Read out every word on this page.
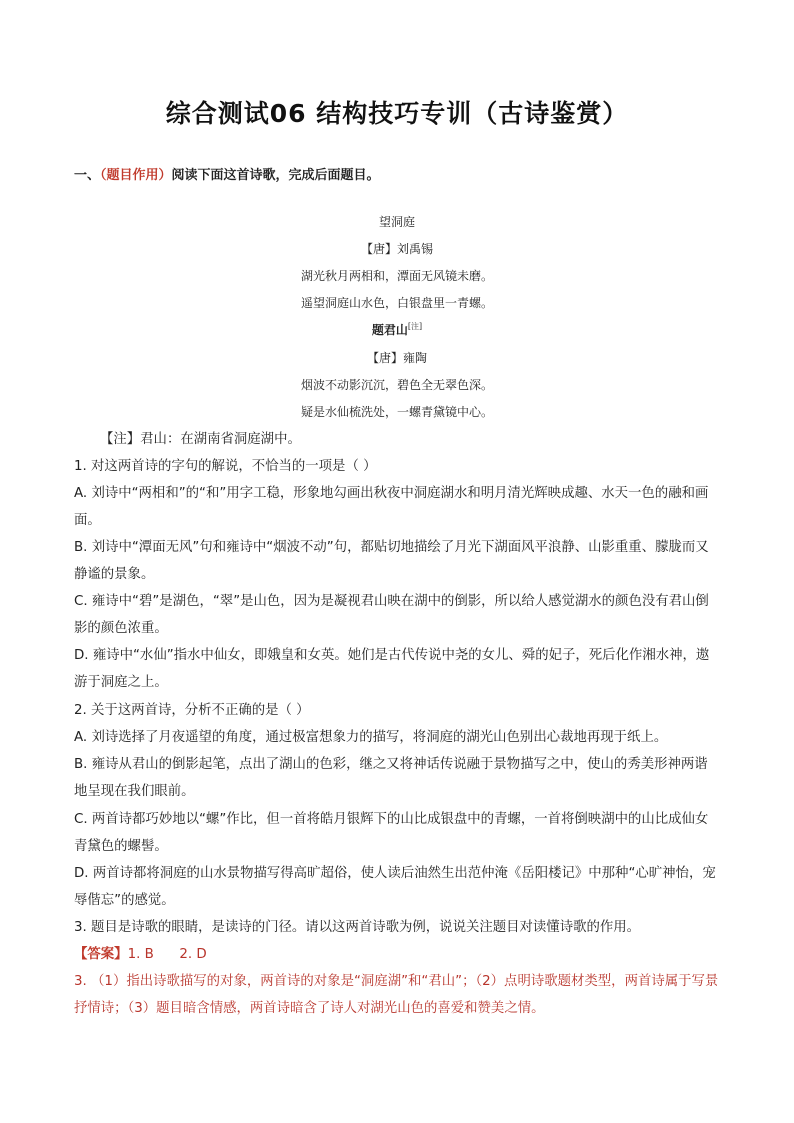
综合测试06 结构技巧专训（古诗鉴赏）
一、（题目作用）阅读下面这首诗歌，完成后面题目。
望洞庭
【唐】刘禹锡
湖光秋月两相和，潭面无风镜未磨。
遥望洞庭山水色，白银盘里一青螺。
题君山[注]
【唐】雍陶
烟波不动影沉沉，碧色全无翠色深。
疑是水仙梳洗处，一螺青黛镜中心。

【注】君山：在湖南省洞庭湖中。

1. 对这两首诗的字句的解说，不恰当的一项是（ ）

A. 刘诗中“两相和”的“和”用字工稳，形象地勾画出秋夜中洞庭湖水和明月清光辉映成趣、水天一色的融和画面。

B. 刘诗中“潭面无风”句和雍诗中“烟波不动”句，都贴切地描绘了月光下湖面风平浪静、山影重重、朦胧而又静谧的景象。

C. 雍诗中“碧”是湖色，“翠”是山色，因为是凝视君山映在湖中的倒影，所以给人感觉湖水的颜色没有君山倒影的颜色浓重。

D. 雍诗中“水仙”指水中仙女，即娥皇和女英。她们是古代传说中尧的女儿、舜的妃子，死后化作湘水神，遨游于洞庭之上。

2. 关于这两首诗，分析不正确的是（ ）

A. 刘诗选择了月夜遥望的角度，通过极富想象力的描写，将洞庭的湖光山色别出心裁地再现于纸上。

B. 雍诗从君山的倒影起笔，点出了湖山的色彩，继之又将神话传说融于景物描写之中，使山的秀美形神两谐地呈现在我们眼前。

C. 两首诗都巧妙地以“螺”作比，但一首将皓月银辉下的山比成银盘中的青螺，一首将倒映湖中的山比成仙女青黛色的螺髻。

D. 两首诗都将洞庭的山水景物描写得高旷超俗，使人读后油然生出范仲淹《岳阳楼记》中那种“心旷神怡，宠辱偕忘”的感觉。

3. 题目是诗歌的眼睛，是读诗的门径。请以这两首诗歌为例，说说关注题目对读懂诗歌的作用。

【答案】1. B      2. D

3. （1）指出诗歌描写的对象，两首诗的对象是“洞庭湖”和“君山”；（2）点明诗歌题材类型，两首诗属于写景抒情诗；（3）题目暗含情感，两首诗暗含了诗人对湖光山色的喜爱和赞美之情。
